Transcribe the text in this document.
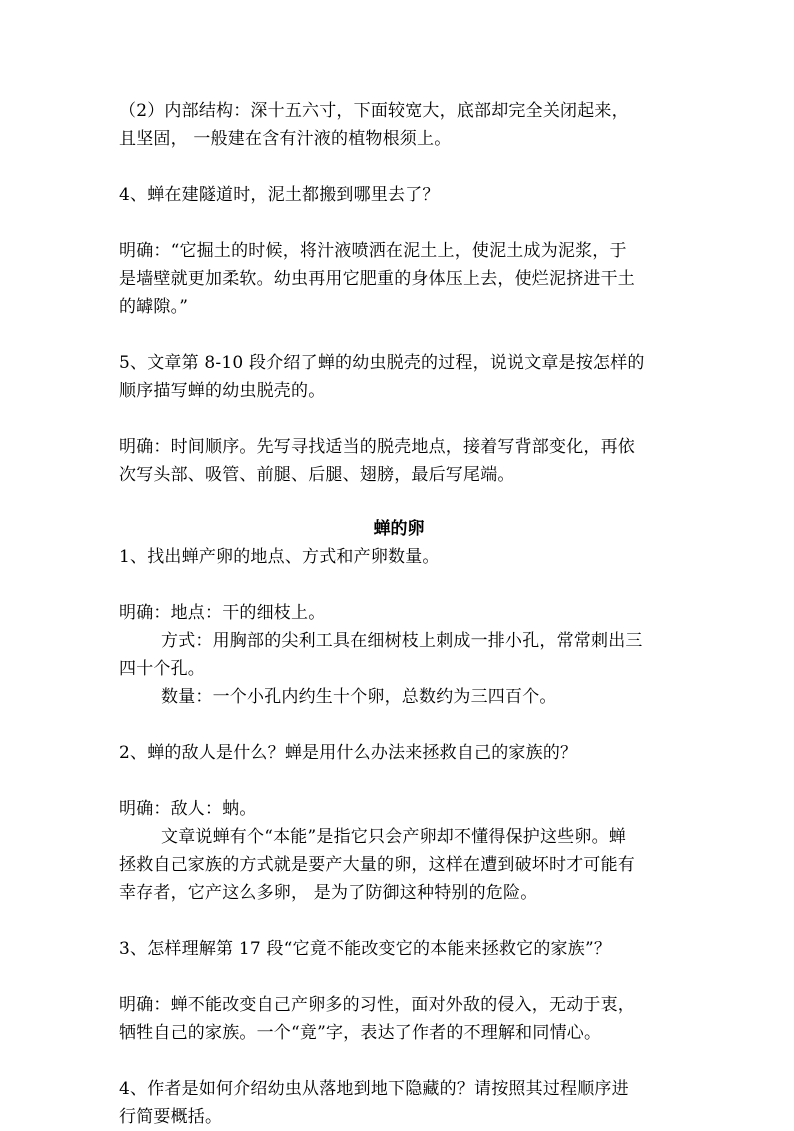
（2）内部结构：深十五六寸，下面较宽大，底部却完全关闭起来，
且坚固， 一般建在含有汁液的植物根须上。

4、蝉在建隧道时，泥土都搬到哪里去了？

明确：“它掘土的时候，将汁液喷洒在泥土上，使泥土成为泥浆，于
是墙壁就更加柔软。幼虫再用它肥重的身体压上去，使烂泥挤进干土
的罅隙。”

5、文章第 8-10 段介绍了蝉的幼虫脱壳的过程，说说文章是按怎样的
顺序描写蝉的幼虫脱壳的。

明确：时间顺序。先写寻找适当的脱壳地点，接着写背部变化，再依
次写头部、吸管、前腿、后腿、翅膀，最后写尾端。

蝉的卵

1、找出蝉产卵的地点、方式和产卵数量。

明确：地点：干的细枝上。
方式：用胸部的尖利工具在细树枝上刺成一排小孔，常常刺出三
四十个孔。
数量：一个小孔内约生十个卵，总数约为三四百个。

2、蝉的敌人是什么？蝉是用什么办法来拯救自己的家族的？

明确：敌人：蚋。
文章说蝉有个“本能”是指它只会产卵却不懂得保护这些卵。蝉
拯救自己家族的方式就是要产大量的卵，这样在遭到破坏时才可能有
幸存者，它产这么多卵， 是为了防御这种特别的危险。

3、怎样理解第 17 段“它竟不能改变它的本能来拯救它的家族”？

明确：蝉不能改变自己产卵多的习性，面对外敌的侵入，无动于衷，
牺牲自己的家族。一个“竟”字，表达了作者的不理解和同情心。

4、作者是如何介绍幼虫从落地到地下隐藏的？请按照其过程顺序进
行简要概括。
